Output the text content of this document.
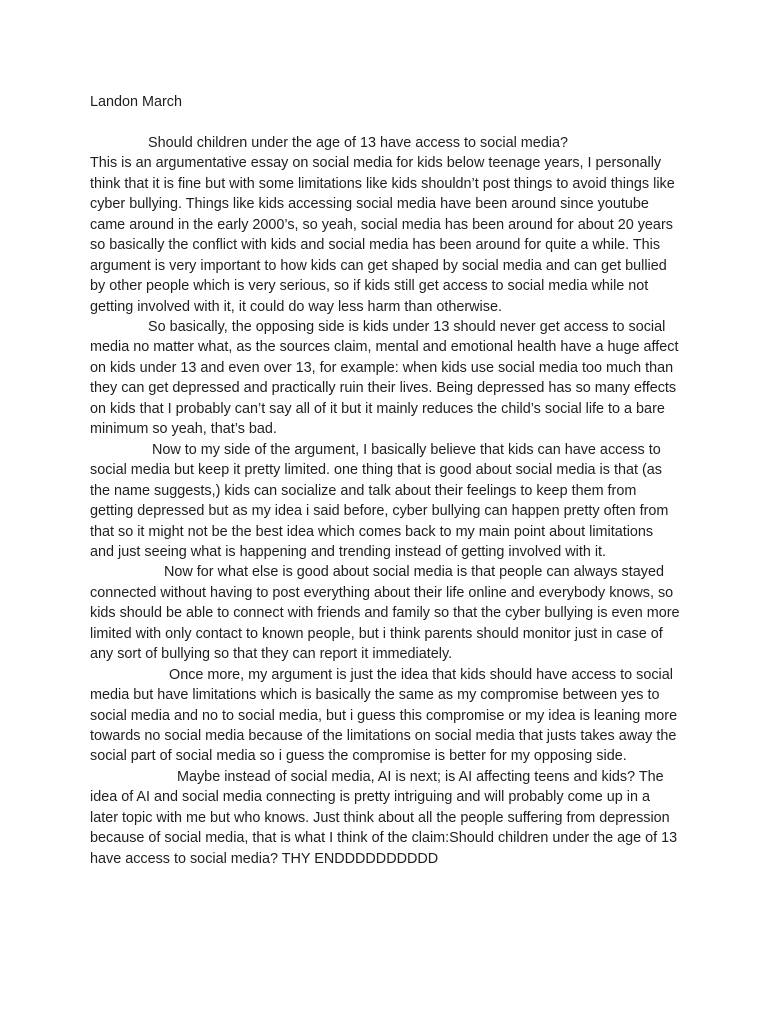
Landon March

Should children under the age of 13 have access to social media?

This is an argumentative essay on social media for kids below teenage years, I personally think that it is fine but with some limitations like kids shouldn’t post things to avoid things like cyber bullying. Things like kids accessing social media have been around since youtube came around in the early 2000’s, so yeah, social media has been around for about 20 years so basically the conflict with kids and social media has been around for quite a while. This argument is very important to how kids can get shaped by social media and can get bullied by other people which is very serious, so if kids still get access to social media while not getting involved with it, it could do way less harm than otherwise.

So basically, the opposing side is kids under 13 should never get access to social media no matter what, as the sources claim, mental and emotional health have a huge affect on kids under 13 and even over 13, for example: when kids use social media too much than they can get depressed and practically ruin their lives. Being depressed has so many effects on kids that I probably can’t say all of it but it mainly reduces the child’s social life to a bare minimum so yeah, that’s bad.

Now to my side of the argument, I basically believe that kids can have access to social media but keep it pretty limited. one thing that is good about social media is that (as the name suggests,) kids can socialize and talk about their feelings to keep them from getting depressed but as my idea i said before, cyber bullying can happen pretty often from that so it might not be the best idea which comes back to my main point about limitations and just seeing what is happening and trending instead of getting involved with it.

Now for what else is good about social media is that people can always stayed connected without having to post everything about their life online and everybody knows, so kids should be able to connect with friends and family so that the cyber bullying is even more limited with only contact to known people, but i think parents should monitor just in case of any sort of bullying so that they can report it immediately.

Once more, my argument is just the idea that kids should have access to social media but have limitations which is basically the same as my compromise between yes to social media and no to social media, but i guess this compromise or my idea is leaning more towards no social media because of the limitations on social media that justs takes away the social part of social media so i guess the compromise is better for my opposing side.

Maybe instead of social media, AI is next; is AI affecting teens and kids? The idea of AI and social media connecting is pretty intriguing and will probably come up in a later topic with me but who knows. Just think about all the people suffering from depression because of social media, that is what I think of the claim:Should children under the age of 13 have access to social media? THY ENDDDDDDDDDD
